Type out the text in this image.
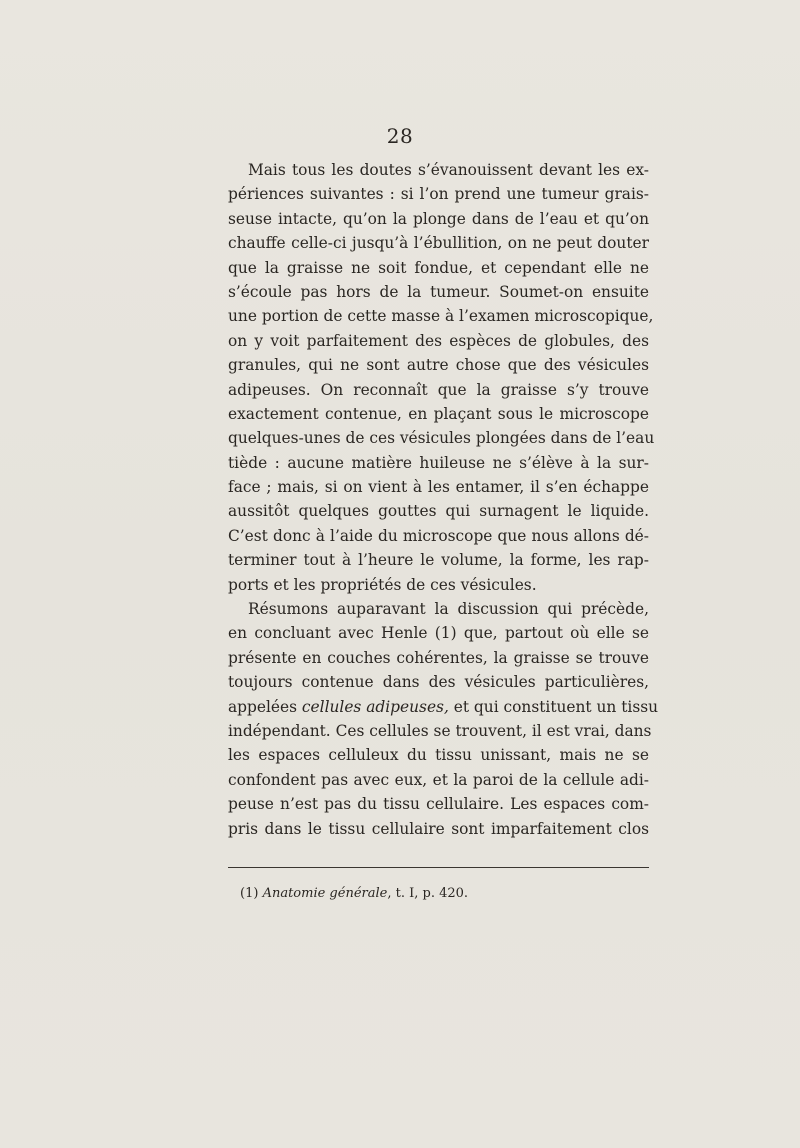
28
Mais tous les doutes s’évanouissent devant les ex-
périences suivantes : si l’on prend une tumeur grais-
seuse intacte, qu’on la plonge dans de l’eau et qu’on
chauffe celle-ci jusqu’à l’ébullition, on ne peut douter
que la graisse ne soit fondue, et cependant elle ne
s’écoule pas hors de la tumeur. Soumet-on ensuite
une portion de cette masse à l’examen microscopique,
on y voit parfaitement des espèces de globules, des
granules, qui ne sont autre chose que des vésicules
adipeuses. On reconnaît que la graisse s’y trouve
exactement contenue, en plaçant sous le microscope
quelques-unes de ces vésicules plongées dans de l’eau
tiède : aucune matière huileuse ne s’élève à la sur-
face ; mais, si on vient à les entamer, il s’en échappe
aussitôt quelques gouttes qui surnagent le liquide.
C’est donc à l’aide du microscope que nous allons dé-
terminer tout à l’heure le volume, la forme, les rap-
ports et les propriétés de ces vésicules.
Résumons auparavant la discussion qui précède,
en concluant avec Henle (1) que, partout où elle se
présente en couches cohérentes, la graisse se trouve
toujours contenue dans des vésicules particulières,
appelées cellules adipeuses, et qui constituent un tissu
indépendant. Ces cellules se trouvent, il est vrai, dans
les espaces celluleux du tissu unissant, mais ne se
confondent pas avec eux, et la paroi de la cellule adi-
peuse n’est pas du tissu cellulaire. Les espaces com-
pris dans le tissu cellulaire sont imparfaitement clos
(1) Anatomie générale, t. I, p. 420.
